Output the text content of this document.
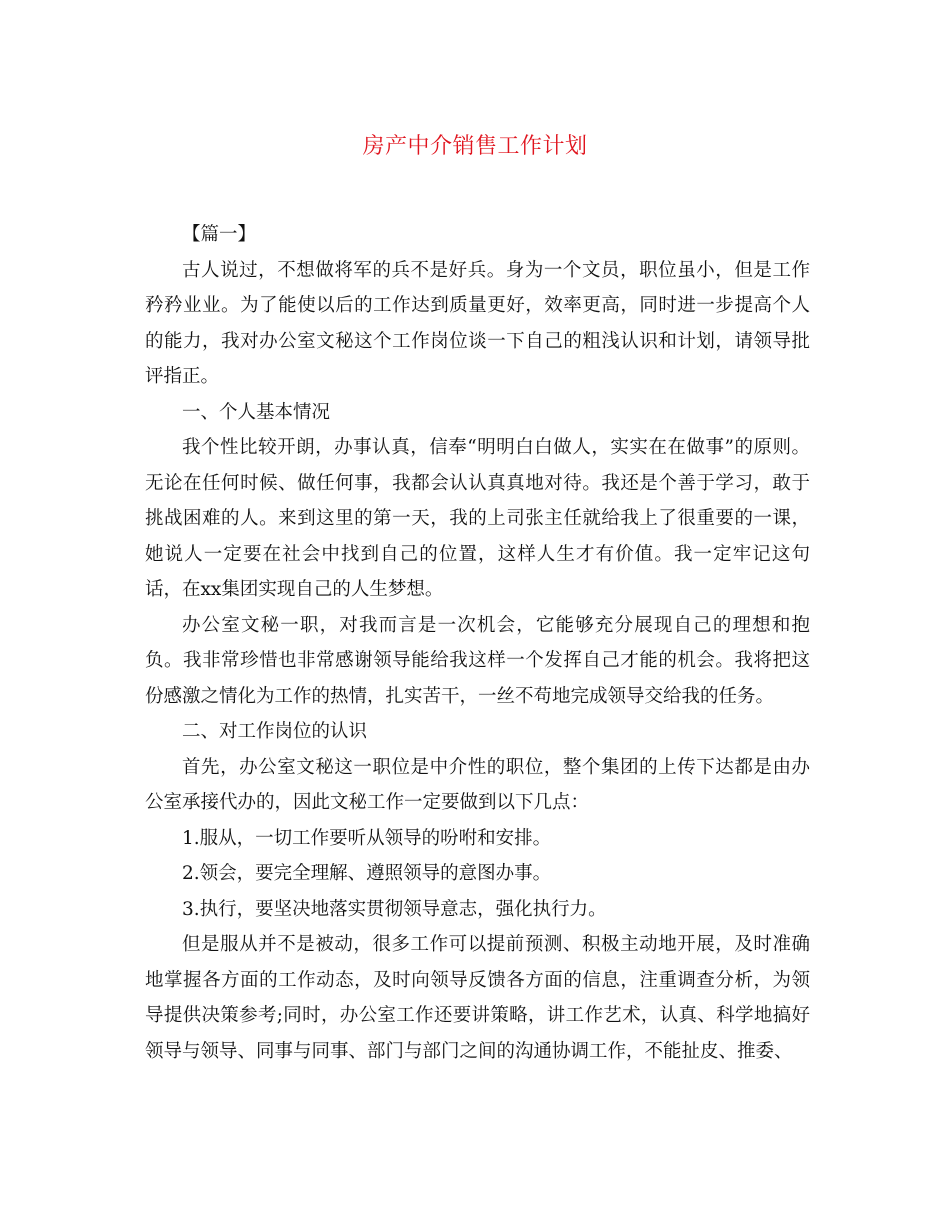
房产中介销售工作计划

【篇一】

古人说过，不想做将军的兵不是好兵。身为一个文员，职位虽小，但是工作矜矜业业。为了能使以后的工作达到质量更好，效率更高，同时进一步提高个人的能力，我对办公室文秘这个工作岗位谈一下自己的粗浅认识和计划，请领导批评指正。

一、个人基本情况

我个性比较开朗，办事认真，信奉“明明白白做人，实实在在做事”的原则。无论在任何时候、做任何事，我都会认认真真地对待。我还是个善于学习，敢于挑战困难的人。来到这里的第一天，我的上司张主任就给我上了很重要的一课，她说人一定要在社会中找到自己的位置，这样人生才有价值。我一定牢记这句话，在xx集团实现自己的人生梦想。

办公室文秘一职，对我而言是一次机会，它能够充分展现自己的理想和抱负。我非常珍惜也非常感谢领导能给我这样一个发挥自己才能的机会。我将把这份感激之情化为工作的热情，扎实苦干，一丝不苟地完成领导交给我的任务。

二、对工作岗位的认识

首先，办公室文秘这一职位是中介性的职位，整个集团的上传下达都是由办公室承接代办的，因此文秘工作一定要做到以下几点：

1.服从，一切工作要听从领导的吩咐和安排。

2.领会，要完全理解、遵照领导的意图办事。

3.执行，要坚决地落实贯彻领导意志，强化执行力。

但是服从并不是被动，很多工作可以提前预测、积极主动地开展，及时准确地掌握各方面的工作动态，及时向领导反馈各方面的信息，注重调查分析，为领导提供决策参考;同时，办公室工作还要讲策略，讲工作艺术，认真、科学地搞好领导与领导、同事与同事、部门与部门之间的沟通协调工作，不能扯皮、推委、
